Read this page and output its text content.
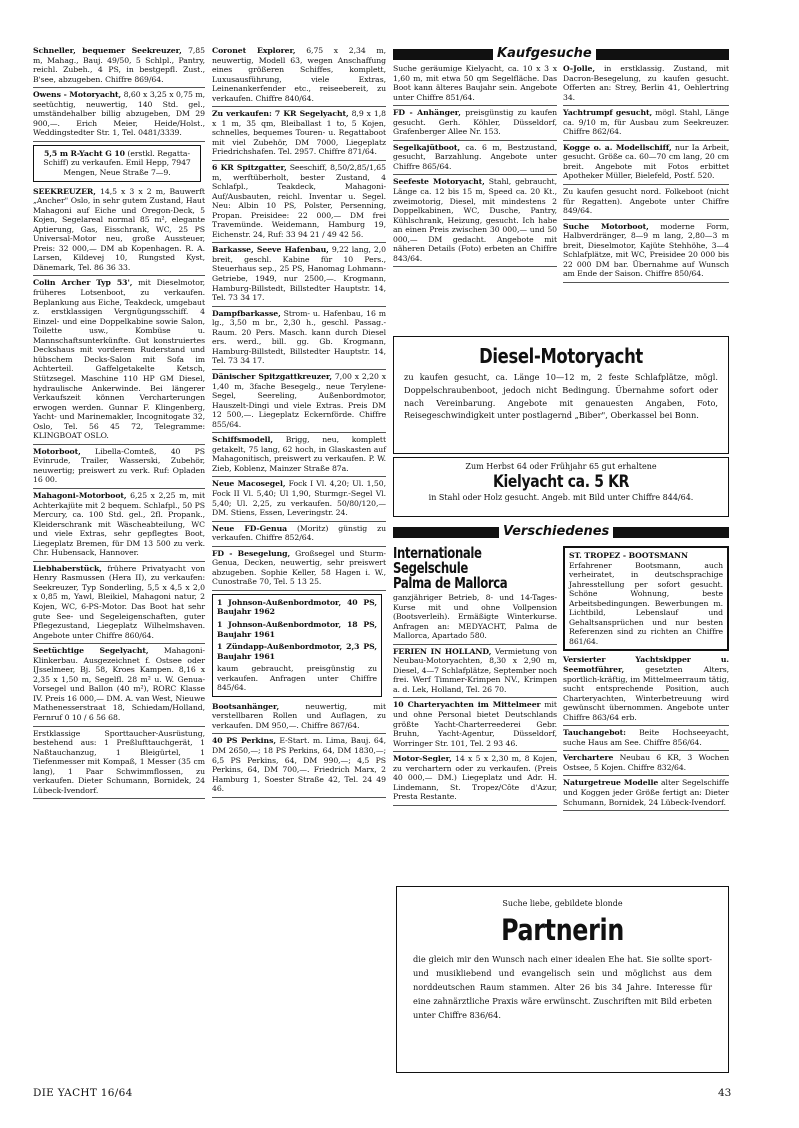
Schneller, bequemer Seekreuzer, 7,85 m, Mahag., Bauj. 49/50, 5 Schlpl., Pantry, reichl. Zubeh., 4 PS, in bestgepfl. Zust., B'see, abzugeben. Chiffre 869/64.
Owens - Motoryacht, 8,60 x 3,25 x 0,75 m, seetüchtig, neuwertig, 140 Std. gel., umständehalber billig abzugeben, DM 29 900,—. Erich Meier, Heide/Holst., Weddingstedter Str. 1, Tel. 0481/3339.
5,5 m R-Yacht G 10 (erstkl. Regatta-Schiff) zu verkaufen. Emil Hepp, 7947 Mengen, Neue Straße 7—9.
SEEKREUZER, 14,5 x 3 x 2 m, Bauwerft „Ancher" Oslo, in sehr gutem Zustand, Haut Mahagoni auf Eiche und Oregon-Deck, 5 Kojen, Segelareal normal 85 m², elegante Aptierung, Gas, Eisschrank, WC, 25 PS Universal-Motor neu, große Aussteuer, Preis: 32 000,— DM ab Kopenhagen. R. A. Larsen, Kildevej 10, Rungsted Kyst, Dänemark, Tel. 86 36 33.
Colin Archer Typ 53', mit Dieselmotor, früheres Lotsenboot, zu verkaufen. Beplankung aus Eiche, Teakdeck, umgebaut z. erstklassigen Vergnügungsschiff. 4 Einzel- und eine Doppelkabine sowie Salon, Toilette usw., Kombüse u. Mannschaftsunterkünfte. Gut konstruiertes Deckshaus mit vorderem Ruderstand und hübschem Decks-Salon mit Sofa im Achterteil. Gaffelgetakelte Ketsch, Stützsegel. Maschine 110 HP GM Diesel, hydraulische Ankerwinde. Bei längerer Verkaufszeit können Vercharterungen erwogen werden. Gunnar F. Klingenberg, Yacht- und Marinemakler, Incognitogate 32, Oslo, Tel. 56 45 72, Telegramme: KLINGBOAT OSLO.
Motorboot, Libella-Comteß, 40 PS Evinrude, Trailer, Wasserski, Zubehör, neuwertig; preiswert zu verk. Ruf: Opladen 16 00.
Mahagoni-Motorboot, 6,25 x 2,25 m, mit Achterkajüte mit 2 bequem. Schlafpl., 50 PS Mercury, ca. 100 Std. gel., 2fl. Propank., Kleiderschrank mit Wäscheabteilung, WC und viele Extras, sehr gepflegtes Boot, Liegeplatz Bremen, für DM 13 500 zu verk. Chr. Hubensack, Hannover.
Liebhaberstück, frühere Privatyacht von Henry Rasmussen (Hera II), zu verkaufen: Seekreuzer, Typ Sonderling, 5,5 x 4,5 x 2,0 x 0,85 m, Yawl, Bleikiel, Mahagoni natur, 2 Kojen, WC, 6-PS-Motor. Das Boot hat sehr gute See- und Segeleigenschaften, guter Pflegezustand, Liegeplatz Wilhelmshaven. Angebote unter Chiffre 860/64.
Seetüchtige Segelyacht, Mahagoni-Klinkerbau. Ausgezeichnet f. Ostsee oder IJsselmeer, Bj. 58, Kroes Kampen. 8,16 x 2,35 x 1,50 m, Segelfl. 28 m² u. W. Genua-Vorsegel und Ballon (40 m²), RORC Klasse IV. Preis 16 000,— DM. A. van West, Nieuwe Mathenesserstraat 18, Schiedam/Holland, Fernruf 0 10 / 6 56 68.
Erstklassige Sporttaucher-Ausrüstung, bestehend aus: 1 Preßlufttauchgerät, 1 Naßtauchanzug, 1 Bleigürtel, 1 Tiefenmesser mit Kompaß, 1 Messer (35 cm lang), 1 Paar Schwimmflossen, zu verkaufen. Dieter Schumann, Bornidek, 24 Lübeck-Ivendorf.
Coronet Explorer, 6,75 x 2,34 m, neuwertig, Modell 63, wegen Anschaffung eines größeren Schiffes, komplett, Luxusausführung, viele Extras, Leinenankerfender etc., reiseebereit, zu verkaufen. Chiffre 840/64.
Zu verkaufen: 7 KR Segelyacht, 8,9 x 1,8 x 1 m, 35 qm, Bleiballast 1 to, 5 Kojen, schnelles, bequemes Touren- u. Regattaboot mit viel Zubehör, DM 7000, Liegeplatz Friedrichshafen. Tel. 2957. Chiffre 871/64.
6 KR Spitzgatter, Seeschiff, 8,50/2,85/1,65 m, werftüberholt, bester Zustand, 4 Schlafpl., Teakdeck, Mahagoni-Auf/Ausbauten, reichl. Inventar u. Segel. Neu: Albin 10 PS, Polster, Persenning, Propan. Preisidee: 22 000,— DM frei Travemünde. Weidemann, Hamburg 19, Eichenstr. 24, Ruf: 33 94 21 / 49 42 56.
Barkasse, Seeve Hafenbau, 9,22 lang, 2,0 breit, geschl. Kabine für 10 Pers., Steuerhaus sep., 25 PS, Hanomag Lohmann-Getriebe, 1949, nur 2500,—. Krogmann, Hamburg-Billstedt, Billstedter Hauptstr. 14, Tel. 73 34 17.
Dampfbarkasse, Strom- u. Hafenbau, 16 m lg., 3,50 m br., 2,30 h., geschl. Passag.-Raum. 20 Pers. Masch. kann durch Diesel ers. werd., bill. gg. Gb. Krogmann, Hamburg-Billstedt, Billstedter Hauptstr. 14, Tel. 73 34 17.
Dänischer Spitzgattkreuzer, 7,00 x 2,20 x 1,40 m, 3fache Besegelg., neue Terylene-Segel, Seereling, Außenbordmotor, Hauszelt-Dingi und viele Extras. Preis DM 12 500,—. Liegeplatz Eckernförde. Chiffre 855/64.
Schiffsmodell, Brigg, neu, komplett getakelt, 75 lang, 62 hoch, in Glaskasten auf Mahagonitisch, preiswert zu verkaufen. P. W. Zieb, Koblenz, Mainzer Straße 87a.
Neue Macosegel, Fock I Vl. 4,20; Ul. 1,50, Fock II Vl. 5,40; Ul 1,90, Sturmgr.-Segel Vl. 5,40; Ul. 2,25, zu verkaufen. 50/80/120,— DM. Stiens, Essen, Leveringstr. 24.
Neue FD-Genua (Moritz) günstig zu verkaufen. Chiffre 852/64.
FD - Besegelung, Großsegel und Sturm-Genua, Decken, neuwertig, sehr preiswert abzugeben. Sophie Keller, 58 Hagen i. W., Cunostraße 70, Tel. 5 13 25.
1 Johnson-Außenbordmotor, 40 PS, Baujahr 1962
1 Johnson-Außenbordmotor, 18 PS, Baujahr 1961
1 Zündapp-Außenbordmotor, 2,3 PS, Baujahr 1961
kaum gebraucht, preisgünstig zu verkaufen. Anfragen unter Chiffre 845/64.
Bootsanhänger,	neuwertig, mit verstellbaren Rollen und Auflagen, zu verkaufen. DM 950,—. Chiffre 867/64.
40 PS Perkins, E-Start. m. Lima, Bauj. 64, DM 2650,—; 18 PS Perkins, 64, DM 1830,—; 6,5 PS Perkins, 64, DM 990,—; 4,5 PS Perkins, 64, DM 700,—. Friedrich Marx, 2 Hamburg 1, Soester Straße 42, Tel. 24 49 46.
Kaufgesuche
Suche geräumige Kielyacht, ca. 10 x 3 x 1,60 m, mit etwa 50 qm Segelfläche. Das Boot kann älteres Baujahr sein. Angebote unter Chiffre 851/64.
FD - Anhänger, preisgünstig zu kaufen gesucht. Gerh. Köhler, Düsseldorf, Grafenberger Allee Nr. 153.
Segelkajütboot, ca. 6 m, Bestzustand, gesucht, Barzahlung. Angebote unter Chiffre 865/64.
Seefeste Motoryacht, Stahl, gebraucht, Länge ca. 12 bis 15 m, Speed ca. 20 Kt., zweimotorig, Diesel, mit mindestens 2 Doppelkabinen, WC, Dusche, Pantry, Kühlschrank, Heizung, gesucht. Ich habe an einen Preis zwischen 30 000,— und 50 000,— DM gedacht. Angebote mit näheren Details (Foto) erbeten an Chiffre 843/64.
O-Jolle, in erstklassig. Zustand, mit Dacron-Besegelung, zu kaufen gesucht. Offerten an: Strey, Berlin 41, Oehlertring 34.
Yachtrumpf gesucht, mögl. Stahl, Länge ca. 9/10 m, für Ausbau zum Seekreuzer. Chiffre 862/64.
Kogge o. a. Modellschiff, nur Ia Arbeit, gesucht. Größe ca. 60—70 cm lang, 20 cm breit. Angebote mit Fotos erbittet Apotheker Müller, Bielefeld, Postf. 520.
Zu kaufen gesucht nord. Folkeboot (nicht für Regatten). Angebote unter Chiffre 849/64.
Suche Motorboot, moderne Form, Halbverdränger, 8—9 m lang, 2,80—3 m breit, Dieselmotor, Kajüte Stehhöhe, 3—4 Schlafplätze, mit WC, Preisidee 20 000 bis 22 000 DM bar. Übernahme auf Wunsch am Ende der Saison. Chiffre 850/64.
Diesel-Motoryacht
zu kaufen gesucht, ca. Länge 10—12 m, 2 feste Schlafplätze, mögl. Doppelschraubenboot, jedoch nicht Bedingung. Übernahme sofort oder nach Vereinbarung. Angebote mit genauesten Angaben, Foto, Reisegeschwindigkeit unter postlagernd „Biber", Oberkassel bei Bonn.
Zum Herbst 64 oder Frühjahr 65 gut erhaltene
Kielyacht ca. 5 KR
in Stahl oder Holz gesucht. Angeb. mit Bild unter Chiffre 844/64.
Verschiedenes
Internationale
Segelschule
Palma de Mallorca
ganzjähriger Betrieb, 8- und 14-Tages-Kurse mit und ohne Vollpension (Bootsverleih). Ermäßigte Winterkurse. Anfragen an: MEDYACHT, Palma de Mallorca, Apartado 580.
FERIEN IN HOLLAND, Vermietung von Neubau-Motoryachten, 8,30 x 2,90 m, Diesel, 4—7 Schlafplätze, September noch frei. Werf Timmer-Krimpen NV., Krimpen a. d. Lek, Holland, Tel. 26 70.
10 Charteryachten im Mittelmeer mit und ohne Personal bietet Deutschlands größte Yacht-Charterreederei Gebr. Bruhn, Yacht-Agentur, Düsseldorf, Worringer Str. 101, Tel. 2 93 46.
Motor-Segler, 14 x 5 x 2,30 m, 8 Kojen, zu verchartern oder zu verkaufen. (Preis 40 000,— DM.) Liegeplatz und Adr. H. Lindemann, St. Tropez/Côte d'Azur, Presta Restante.
ST. TROPEZ - BOOTSMANN
Erfahrener Bootsmann, auch verheiratet, in deutschsprachige Jahresstellung per sofort gesucht. Schöne Wohnung, beste Arbeitsbedingungen. Bewerbungen m. Lichtbild, Lebenslauf und Gehaltsansprüchen und nur besten Referenzen sind zu richten an Chiffre 861/64.
Versierter Yachtskipper u. Seemotführer,	gesetzten Alters, sportlich-kräftig, im Mittelmeerraum tätig, sucht entsprechende Position, auch Charteryachten, Winterbetreuung wird gewünscht übernommen. Angebote unter Chiffre 863/64 erb.
Tauchangebot: Beite Hochseeyacht, suche Haus am See. Chiffre 856/64.
Verchartere Neubau 6 KR, 3 Wochen Ostsee, 5 Kojen. Chiffre 832/64.
Naturgetreue Modelle alter Segelschiffe und Koggen jeder Größe fertigt an: Dieter Schumann, Bornidek, 24 Lübeck-Ivendorf.
Suche liebe, gebildete blonde
Partnerin
die gleich mir den Wunsch nach einer idealen Ehe hat. Sie sollte sport- und musikliebend und evangelisch sein und möglichst aus dem norddeutschen Raum stammen. Alter 26 bis 34 Jahre. Interesse für eine zahnärztliche Praxis wäre erwünscht. Zuschriften mit Bild erbeten unter Chiffre 836/64.
DIE YACHT 16/64	43
